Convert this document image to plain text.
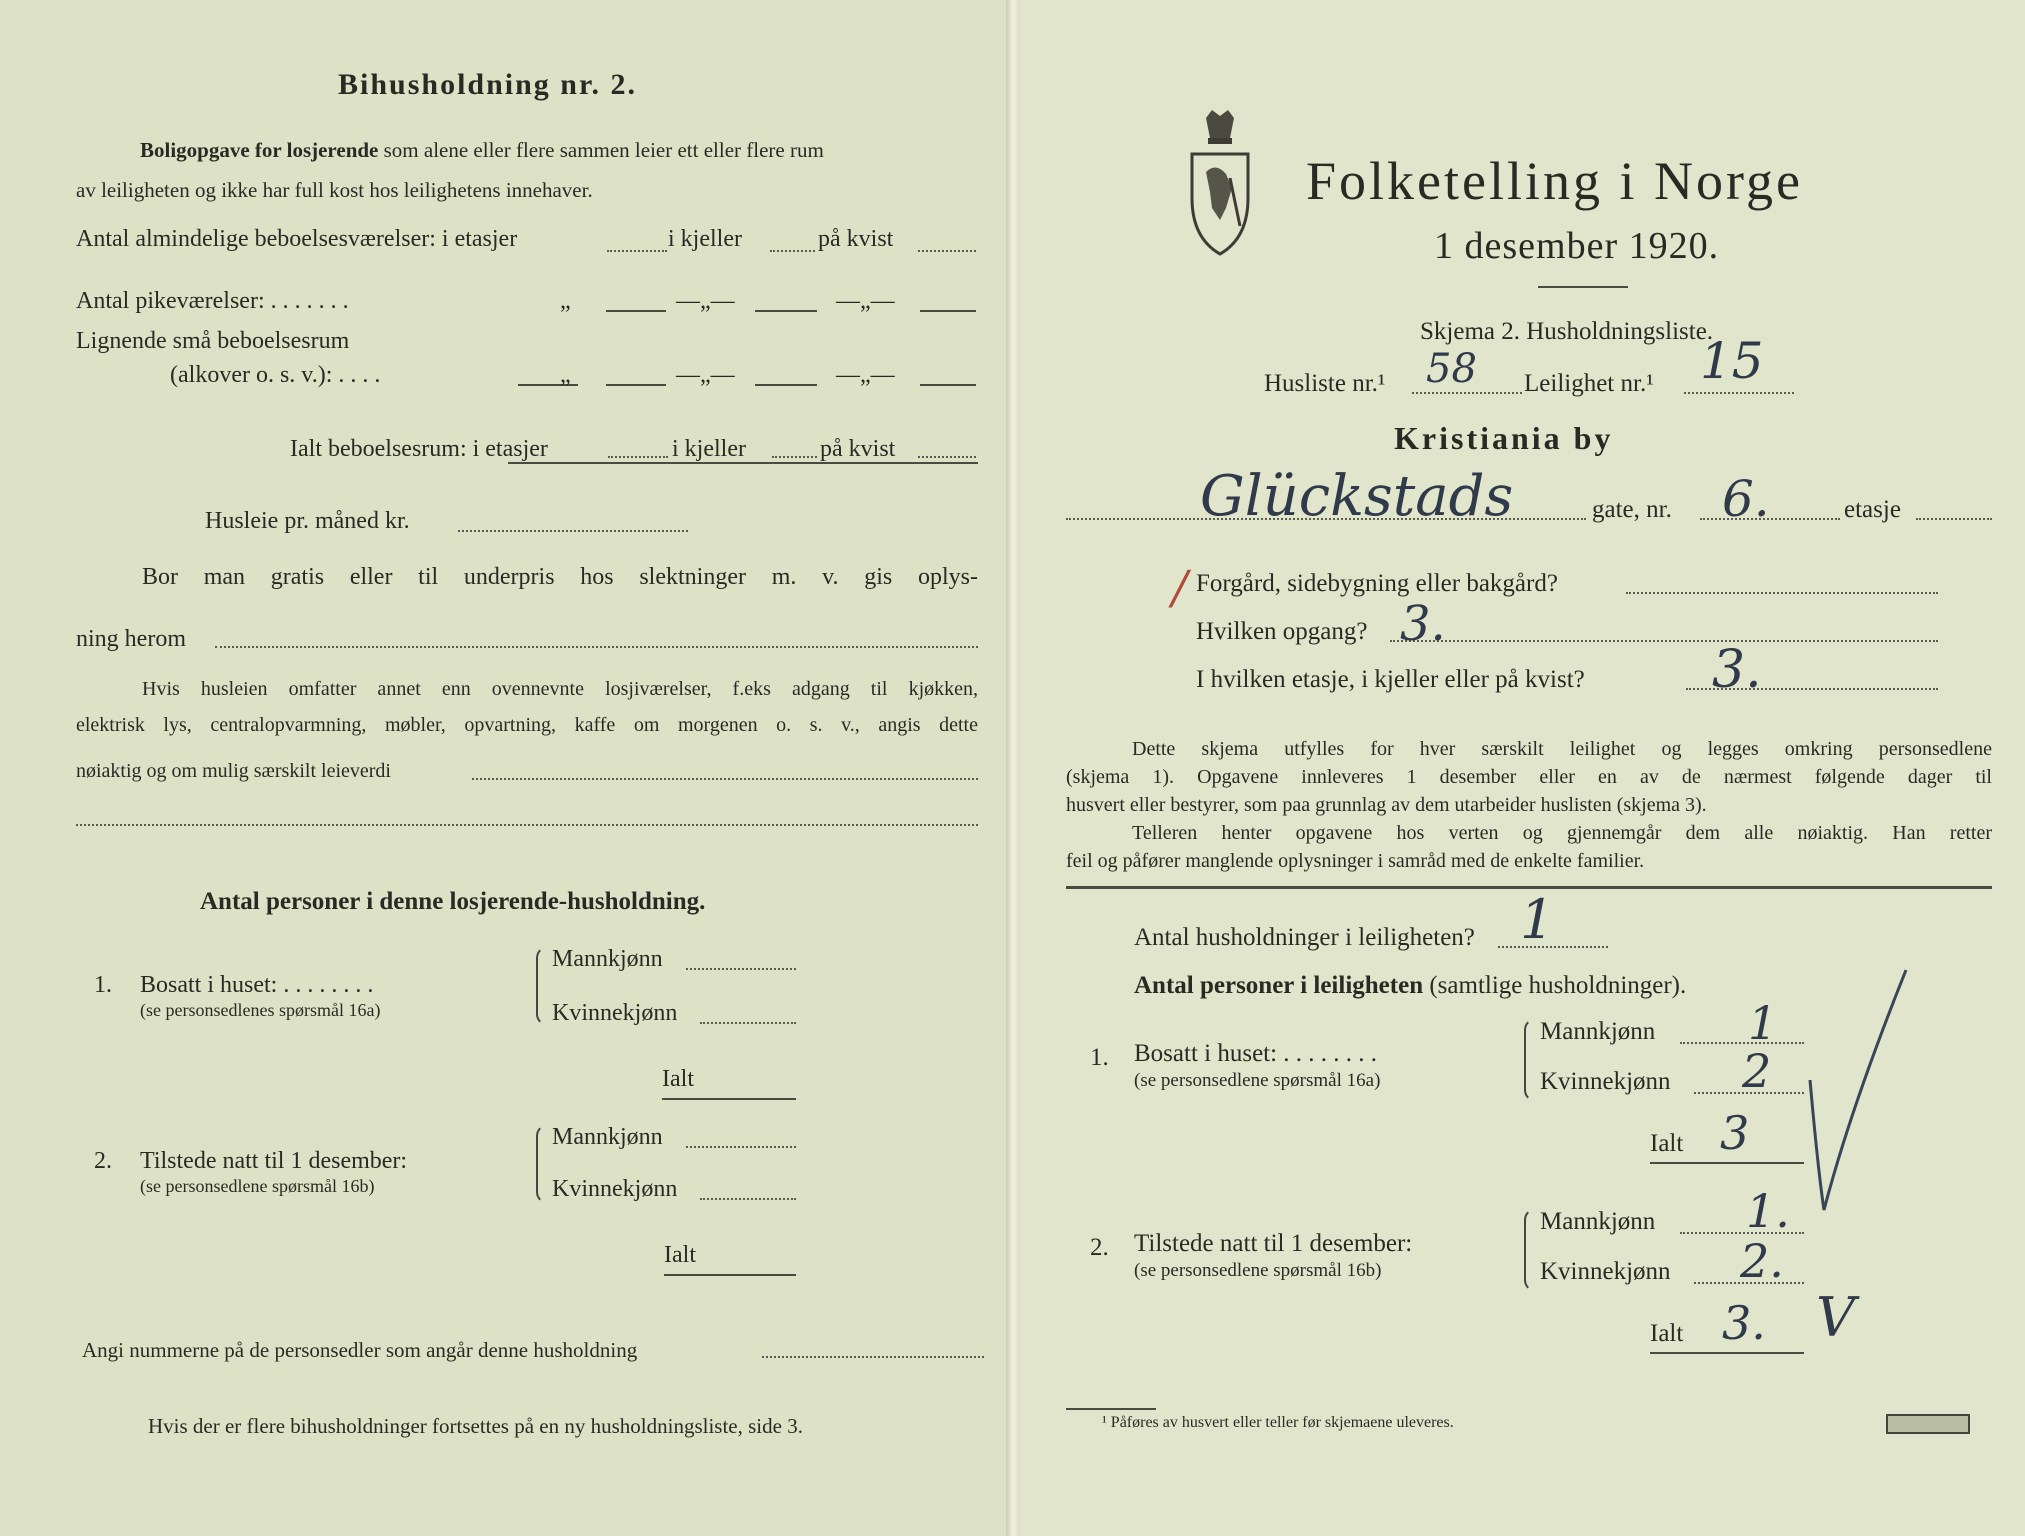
Bihusholdning nr. 2.
Boligopgave for losjerende som alene eller flere sammen leier ett eller flere rum
av leiligheten og ikke har full kost hos leilighetens innehaver.
Antal almindelige beboelsesværelser: i etasjer	i kjeller	på kvist
Antal pikeværelser: . . . . . . .	„	—„—	—„—
Lignende små beboelsesrum
(alkover o. s. v.): . . . .	„	—„—	—„—
Ialt beboelsesrum: i etasjer	i kjeller	på kvist
Husleie pr. måned kr.
Bor man gratis eller til underpris hos slektninger m. v. gis oplys-
ning herom
Hvis husleien omfatter annet enn ovennevnte losjiværelser, f.eks adgang til kjøkken,
elektrisk lys, centralopvarmning, møbler, opvartning, kaffe om morgenen o. s. v., angis dette
nøiaktig og om mulig særskilt leieverdi
Antal personer i denne losjerende-husholdning.
1. Bosatt i huset: . . . . . . . .
(se personsedlenes spørsmål 16a)
Mannkjønn
Kvinnekjønn
Ialt
2. Tilstede natt til 1 desember:
(se personsedlene spørsmål 16b)
Mannkjønn
Kvinnekjønn
Ialt
Angi nummerne på de personsedler som angår denne husholdning
Hvis der er flere bihusholdninger fortsettes på en ny husholdningsliste, side 3.
Folketelling i Norge
1 desember 1920.
Skjema 2. Husholdningsliste.
Husliste nr.¹ 58 Leilighet nr.¹ 15
Kristiania by
Glückstads	gate, nr. 6.	etasje
/ Forgård, sidebygning eller bakgård?
Hvilken opgang? 3.
I hvilken etasje, i kjeller eller på kvist? 3.
Dette skjema utfylles for hver særskilt leilighet og legges omkring personsedlene
(skjema 1). Opgavene innleveres 1 desember eller en av de nærmest følgende dager til
husvert eller bestyrer, som paa grunnlag av dem utarbeider huslisten (skjema 3).
Telleren henter opgavene hos verten og gjennemgår dem alle nøiaktig. Han retter
feil og påfører manglende oplysninger i samråd med de enkelte familier.
Antal husholdninger i leiligheten? 1
Antal personer i leiligheten (samtlige husholdninger).
1. Bosatt i huset: . . . . . . . .
(se personsedlene spørsmål 16a)
Mannkjønn 1
Kvinnekjønn 2
Ialt 3
2. Tilstede natt til 1 desember:
(se personsedlene spørsmål 16b)
Mannkjønn 1.
Kvinnekjønn 2.
Ialt 3. V
¹ Påføres av husvert eller teller før skjemaene uleveres.
